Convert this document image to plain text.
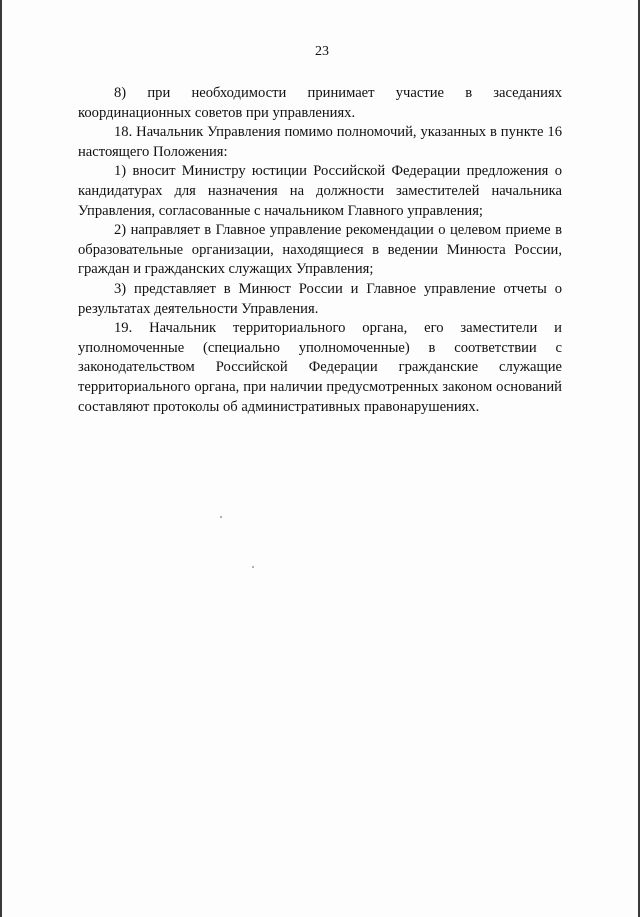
23

8) при необходимости принимает участие в заседаниях координационных советов при управлениях.

18. Начальник Управления помимо полномочий, указанных в пункте 16 настоящего Положения:

1) вносит Министру юстиции Российской Федерации предложения о кандидатурах для назначения на должности заместителей начальника Управления, согласованные с начальником Главного управления;

2) направляет в Главное управление рекомендации о целевом приеме в образовательные организации, находящиеся в ведении Минюста России, граждан и гражданских служащих Управления;

3) представляет в Минюст России и Главное управление отчеты о результатах деятельности Управления.

19. Начальник территориального органа, его заместители и уполномоченные (специально уполномоченные) в соответствии с законодательством Российской Федерации гражданские служащие территориального органа, при наличии предусмотренных законом оснований составляют протоколы об административных правонарушениях.
